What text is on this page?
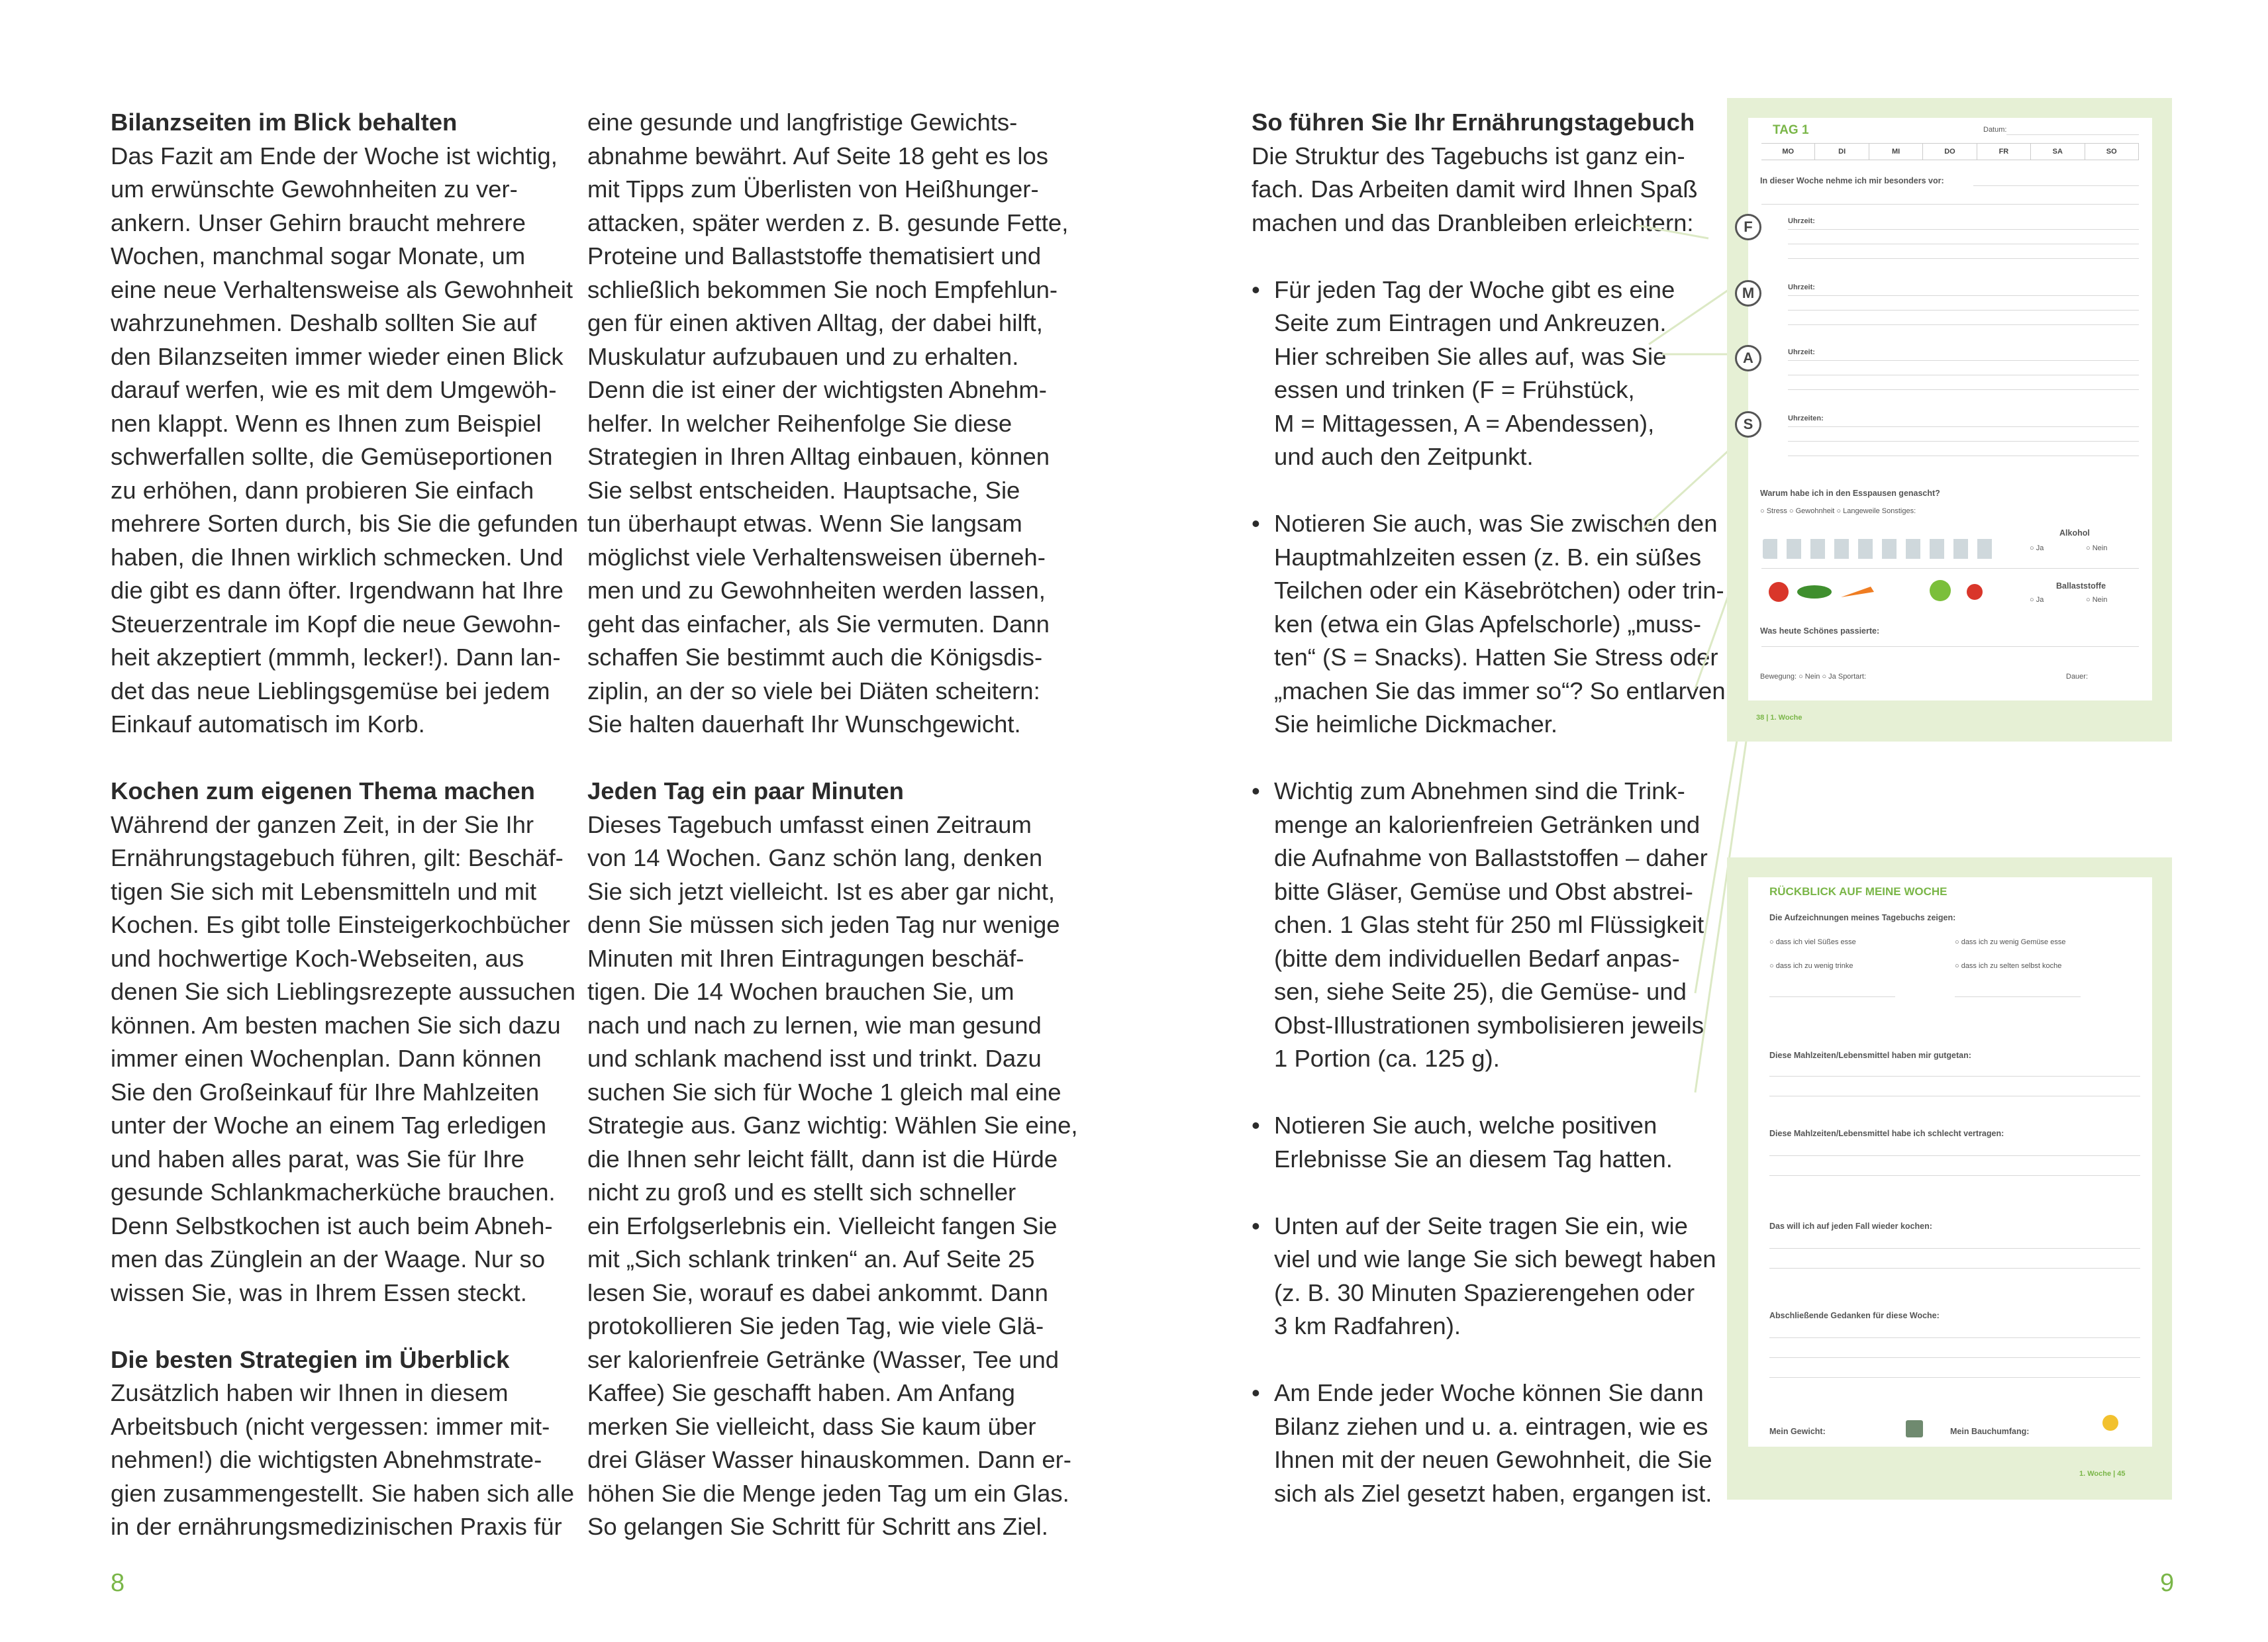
Bilanzseiten im Blick behalten

Das Fazit am Ende der Woche ist wichtig,

um erwünschte Gewohnheiten zu ver-

ankern. Unser Gehirn braucht mehrere

Wochen, manchmal sogar Monate, um

eine neue Verhaltensweise als Gewohnheit

wahrzunehmen. Deshalb sollten Sie auf

den Bilanzseiten immer wieder einen Blick

darauf werfen, wie es mit dem Umgewöh-

nen klappt. Wenn es Ihnen zum Beispiel

schwerfallen sollte, die Gemüseportionen

zu erhöhen, dann probieren Sie einfach

mehrere Sorten durch, bis Sie die gefunden

haben, die Ihnen wirklich schmecken. Und

die gibt es dann öfter. Irgendwann hat Ihre

Steuerzentrale im Kopf die neue Gewohn-

heit akzeptiert (mmmh, lecker!). Dann lan-

det das neue Lieblingsgemüse bei jedem

Einkauf automatisch im Korb.

Kochen zum eigenen Thema machen

Während der ganzen Zeit, in der Sie Ihr

Ernährungstagebuch führen, gilt: Beschäf-

tigen Sie sich mit Lebensmitteln und mit

Kochen. Es gibt tolle Einsteigerkochbücher

und hochwertige Koch-Webseiten, aus

denen Sie sich Lieblingsrezepte aussuchen

können. Am besten machen Sie sich dazu

immer einen Wochenplan. Dann können

Sie den Großeinkauf für Ihre Mahlzeiten

unter der Woche an einem Tag erledigen

und haben alles parat, was Sie für Ihre

gesunde Schlankmacherküche brauchen.

Denn Selbstkochen ist auch beim Abneh-

men das Zünglein an der Waage. Nur so

wissen Sie, was in Ihrem Essen steckt.

Die besten Strategien im Überblick

Zusätzlich haben wir Ihnen in diesem

Arbeitsbuch (nicht vergessen: immer mit-

nehmen!) die wichtigsten Abnehmstrate-

gien zusammengestellt. Sie haben sich alle

in der ernährungsmedizinischen Praxis für

eine gesunde und langfristige Gewichts-

abnahme bewährt. Auf Seite 18 geht es los

mit Tipps zum Überlisten von Heißhunger-

attacken, später werden z. B. gesunde Fette,

Proteine und Ballaststoffe thematisiert und

schließlich bekommen Sie noch Empfehlun-

gen für einen aktiven Alltag, der dabei hilft,

Muskulatur aufzubauen und zu erhalten.

Denn die ist einer der wichtigsten Abnehm-

helfer. In welcher Reihenfolge Sie diese

Strategien in Ihren Alltag einbauen, können

Sie selbst entscheiden. Hauptsache, Sie

tun überhaupt etwas. Wenn Sie langsam

möglichst viele Verhaltensweisen überneh-

men und zu Gewohnheiten werden lassen,

geht das einfacher, als Sie vermuten. Dann

schaffen Sie bestimmt auch die Königsdis-

ziplin, an der so viele bei Diäten scheitern:

Sie halten dauerhaft Ihr Wunschgewicht.

Jeden Tag ein paar Minuten

Dieses Tagebuch umfasst einen Zeitraum

von 14 Wochen. Ganz schön lang, denken

Sie sich jetzt vielleicht. Ist es aber gar nicht,

denn Sie müssen sich jeden Tag nur wenige

Minuten mit Ihren Eintragungen beschäf-

tigen. Die 14 Wochen brauchen Sie, um

nach und nach zu lernen, wie man gesund

und schlank machend isst und trinkt. Dazu

suchen Sie sich für Woche 1 gleich mal eine

Strategie aus. Ganz wichtig: Wählen Sie eine,

die Ihnen sehr leicht fällt, dann ist die Hürde

nicht zu groß und es stellt sich schneller

ein Erfolgserlebnis ein. Vielleicht fangen Sie

mit „Sich schlank trinken“ an. Auf Seite 25

lesen Sie, worauf es dabei ankommt. Dann

protokollieren Sie jeden Tag, wie viele Glä-

ser kalorienfreie Getränke (Wasser, Tee und

Kaffee) Sie geschafft haben. Am Anfang

merken Sie vielleicht, dass Sie kaum über

drei Gläser Wasser hinauskommen. Dann er-

höhen Sie die Menge jeden Tag um ein Glas.

So gelangen Sie Schritt für Schritt ans Ziel.

So führen Sie Ihr Ernährungstagebuch

Die Struktur des Tagebuchs ist ganz ein-

fach. Das Arbeiten damit wird Ihnen Spaß

machen und das Dranbleiben erleichtern:

• Für jeden Tag der Woche gibt es eine

Seite zum Eintragen und Ankreuzen.

Hier schreiben Sie alles auf, was Sie

essen und trinken (F = Frühstück,

M = Mittagessen, A = Abendessen),

und auch den Zeitpunkt.

• Notieren Sie auch, was Sie zwischen den

Hauptmahlzeiten essen (z. B. ein süßes

Teilchen oder ein Käsebrötchen) oder trin-

ken (etwa ein Glas Apfelschorle) „muss-

ten“ (S = Snacks). Hatten Sie Stress oder

„machen Sie das immer so“? So entlarven

Sie heimliche Dickmacher.

• Wichtig zum Abnehmen sind die Trink-

menge an kalorienfreien Getränken und

die Aufnahme von Ballaststoffen – daher

bitte Gläser, Gemüse und Obst abstrei-

chen. 1 Glas steht für 250 ml Flüssigkeit

(bitte dem individuellen Bedarf anpas-

sen, siehe Seite 25), die Gemüse- und

Obst-Illustrationen symbolisieren jeweils

1 Portion (ca. 125 g).

• Notieren Sie auch, welche positiven

Erlebnisse Sie an diesem Tag hatten.

• Unten auf der Seite tragen Sie ein, wie

viel und wie lange Sie sich bewegt haben

(z. B. 30 Minuten Spazierengehen oder

3 km Radfahren).

• Am Ende jeder Woche können Sie dann

Bilanz ziehen und u. a. eintragen, wie es

Ihnen mit der neuen Gewohnheit, die Sie

sich als Ziel gesetzt haben, ergangen ist.

8	9
TAG 1	Datum:
MO	DI	MI	DO	FR	SA	SO
In dieser Woche nehme ich mir besonders vor:
F	Uhrzeit:
M	Uhrzeit:
A	Uhrzeit:
S	Uhrzeiten:
Warum habe ich in den Esspausen genascht?
○ Stress ○ Gewohnheit ○ Langeweile Sonstiges:
Alkohol
○ Ja	○ Nein
Ballaststoffe
○ Ja	○ Nein
Was heute Schönes passierte:
Bewegung: ○ Nein ○ Ja Sportart:	Dauer:
38 | 1. Woche
RÜCKBLICK AUF MEINE WOCHE
Die Aufzeichnungen meines Tagebuchs zeigen:
○ dass ich viel Süßes esse	○ dass ich zu wenig Gemüse esse
○ dass ich zu wenig trinke	○ dass ich zu selten selbst koche
Diese Mahlzeiten/Lebensmittel haben mir gutgetan:
Diese Mahlzeiten/Lebensmittel habe ich schlecht vertragen:
Das will ich auf jeden Fall wieder kochen:
Abschließende Gedanken für diese Woche:
Mein Gewicht:	Mein Bauchumfang:
1. Woche | 45
